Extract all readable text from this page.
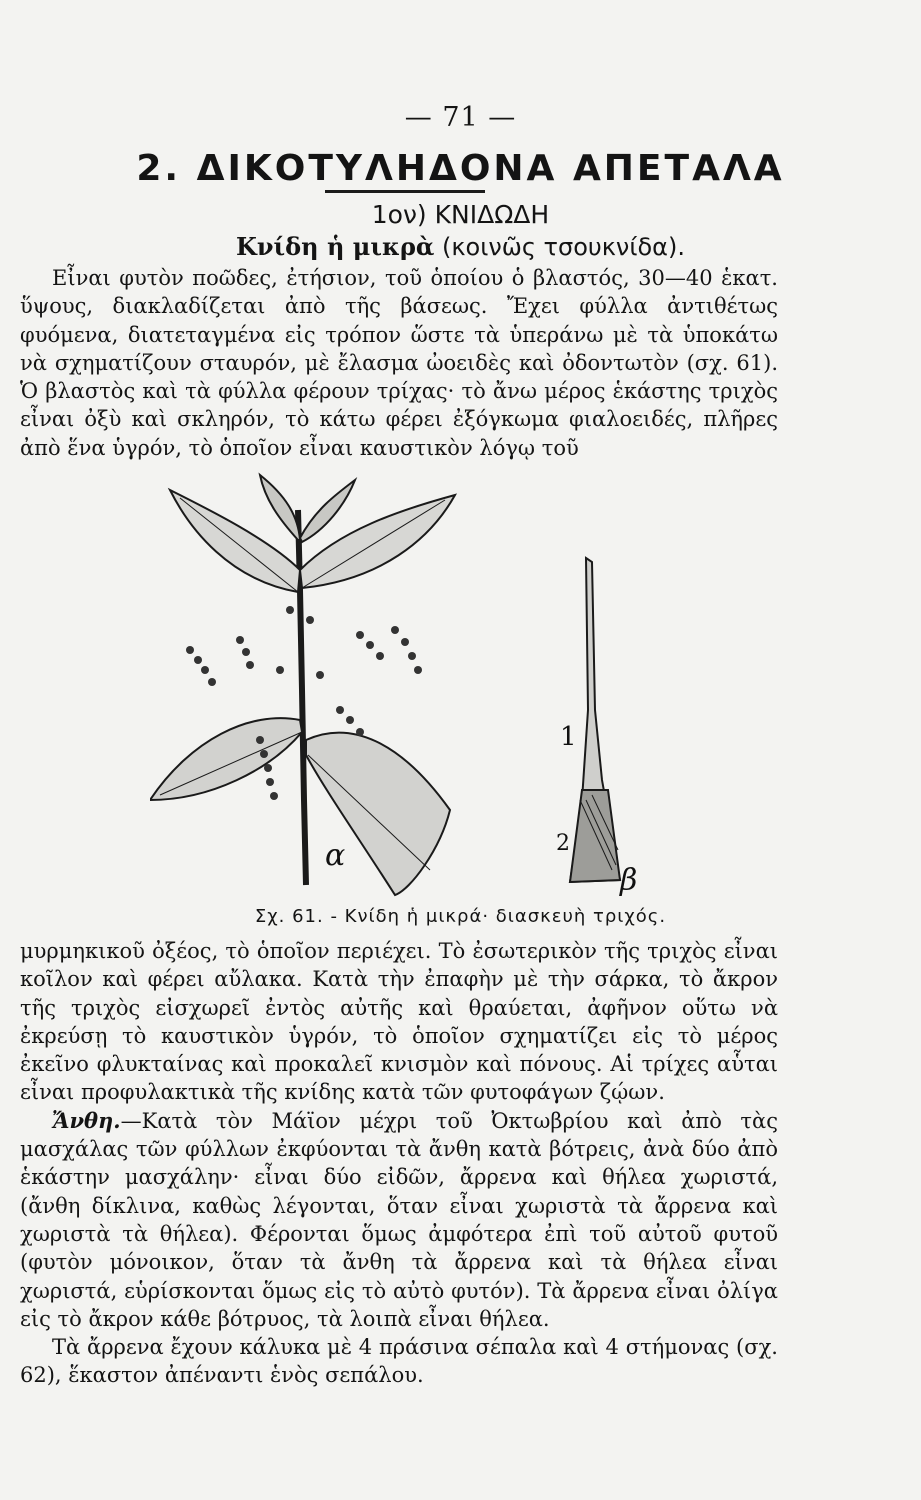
— 71 —
2. ΔΙΚΟΤΥΛΗΔΟΝΑ ΑΠΕΤΑΛΑ
1ον) ΚΝΙΔΩΔΗ
Κνίδη ἡ μικρὰ (κοινῶς τσουκνίδα).

Εἶναι φυτὸν ποῶδες, ἐτήσιον, τοῦ ὁποίου ὁ βλαστός, 30—40 ἑκατ. ὕψους, διακλαδίζεται ἀπὸ τῆς βάσεως. Ἔχει φύλλα ἀντιθέτως φυόμενα, διατεταγμένα εἰς τρόπον ὥστε τὰ ὑπεράνω μὲ τὰ ὑποκάτω νὰ σχηματίζουν σταυρόν, μὲ ἔλασμα ὠοειδὲς καὶ ὀδοντωτὸν (σχ. 61). Ὁ βλαστὸς καὶ τὰ φύλλα φέρουν τρίχας· τὸ ἄνω μέρος ἑκάστης τριχὸς εἶναι ὀξὺ καὶ σκληρόν, τὸ κάτω φέρει ἐξόγκωμα φιαλοειδές, πλῆρες ἀπὸ ἕνα ὑγρόν, τὸ ὁποῖον εἶναι καυστικὸν λόγῳ τοῦ

α
1
2
β
Σχ. 61. - Κνίδη ἡ μικρά· διασκευὴ τριχός.

μυρμηκικοῦ ὀξέος, τὸ ὁποῖον περιέχει. Τὸ ἐσωτερικὸν τῆς τριχὸς εἶναι κοῖλον καὶ φέρει αὔλακα. Κατὰ τὴν ἐπαφὴν μὲ τὴν σάρκα, τὸ ἄκρον τῆς τριχὸς εἰσχωρεῖ ἐντὸς αὐτῆς καὶ θραύεται, ἀφῆνον οὕτω νὰ ἐκρεύσῃ τὸ καυστικὸν ὑγρόν, τὸ ὁποῖον σχηματίζει εἰς τὸ μέρος ἐκεῖνο φλυκταίνας καὶ προκαλεῖ κνισμὸν καὶ πόνους. Αἱ τρίχες αὗται εἶναι προφυλακτικὰ τῆς κνίδης κατὰ τῶν φυτοφάγων ζῴων.

Ἄνθη.—Κατὰ τὸν Μάϊον μέχρι τοῦ Ὀκτωβρίου καὶ ἀπὸ τὰς μασχάλας τῶν φύλλων ἐκφύονται τὰ ἄνθη κατὰ βότρεις, ἀνὰ δύο ἀπὸ ἑκάστην μασχάλην· εἶναι δύο εἰδῶν, ἄρρενα καὶ θήλεα χωριστά, (ἄνθη δίκλινα, καθὼς λέγονται, ὅταν εἶναι χωριστὰ τὰ ἄρρενα καὶ χωριστὰ τὰ θήλεα). Φέρονται ὅμως ἀμφότερα ἐπὶ τοῦ αὐτοῦ φυτοῦ (φυτὸν μόνοικον, ὅταν τὰ ἄνθη τὰ ἄρρενα καὶ τὰ θήλεα εἶναι χωριστά, εὑρίσκονται ὅμως εἰς τὸ αὐτὸ φυτόν). Τὰ ἄρρενα εἶναι ὀλίγα εἰς τὸ ἄκρον κάθε βότρυος, τὰ λοιπὰ εἶναι θήλεα.

Τὰ ἄρρενα ἔχουν κάλυκα μὲ 4 πράσινα σέπαλα καὶ 4 στήμονας (σχ. 62), ἕκαστον ἀπέναντι ἑνὸς σεπάλου.
